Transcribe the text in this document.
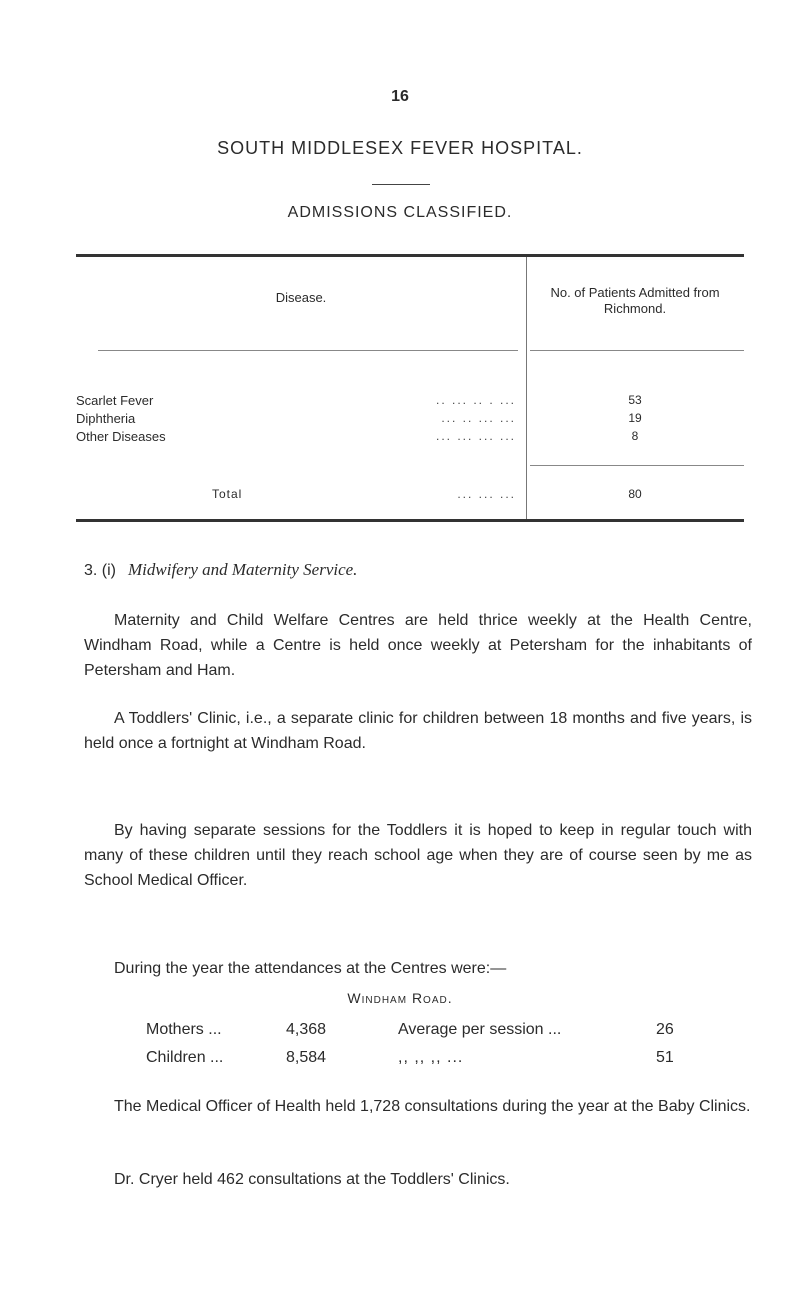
16
SOUTH MIDDLESEX FEVER HOSPITAL.
ADMISSIONS CLASSIFIED.
Disease.	No. of Patients Admitted from Richmond.
Scarlet Fever	.. ... .. . ...	53
Diphtheria	... .. ... ...	19
Other Diseases	... ... ... ...	8
Total	... ... ...	80
3. (i) Midwifery and Maternity Service.
Maternity and Child Welfare Centres are held thrice weekly at the Health Centre, Windham Road, while a Centre is held once weekly at Petersham for the inhabitants of Petersham and Ham.
A Toddlers' Clinic, i.e., a separate clinic for children between 18 months and five years, is held once a fortnight at Windham Road.
By having separate sessions for the Toddlers it is hoped to keep in regular touch with many of these children until they reach school age when they are of course seen by me as School Medical Officer.
During the year the attendances at the Centres were:—
Windham Road.
Mothers ...	4,368	Average per session ...	26
Children ...	8,584	,, ,, ,, ...	51
The Medical Officer of Health held 1,728 consultations during the year at the Baby Clinics.
Dr. Cryer held 462 consultations at the Toddlers' Clinics.
